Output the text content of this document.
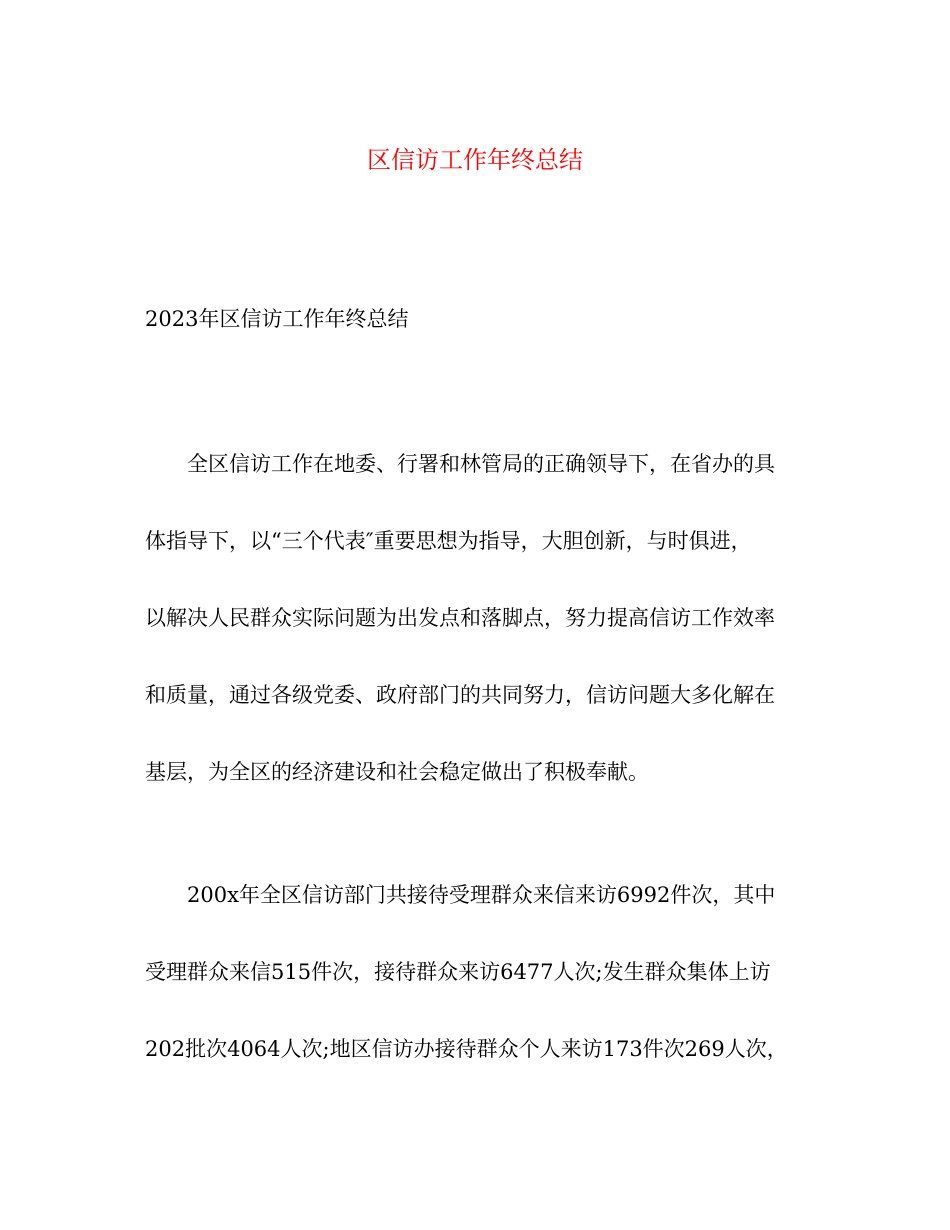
区信访工作年终总结
2023年区信访工作年终总结
全区信访工作在地委、行署和林管局的正确领导下，在省办的具
体指导下，以“三个代表″重要思想为指导，大胆创新，与时俱进，
以解决人民群众实际问题为出发点和落脚点，努力提高信访工作效率
和质量，通过各级党委、政府部门的共同努力，信访问题大多化解在
基层，为全区的经济建设和社会稳定做出了积极奉献。
200x年全区信访部门共接待受理群众来信来访6992件次，其中
受理群众来信515件次，接待群众来访6477人次;发生群众集体上访
202批次4064人次;地区信访办接待群众个人来访173件次269人次，
